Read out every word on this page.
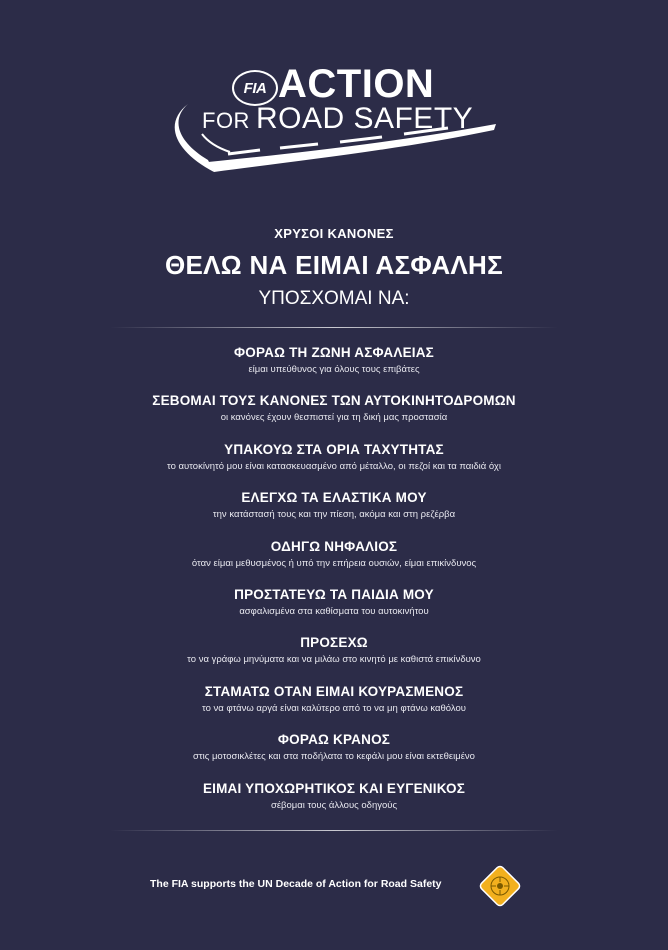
FIA ACTION
FOR ROAD SAFETY
ΧΡΥΣΟΙ ΚΑΝΟΝΕΣ
ΘΕΛΩ ΝΑ ΕΙΜΑΙ ΑΣΦΑΛΗΣ
ΥΠΟΣΧΟΜΑΙ ΝΑ:
ΦΟΡΑΩ ΤΗ ΖΩΝΗ ΑΣΦΑΛΕΙΑΣ
είμαι υπεύθυνος για όλους τους επιβάτες
ΣΕΒΟΜΑΙ ΤΟΥΣ ΚΑΝΟΝΕΣ ΤΩΝ ΑΥΤΟΚΙΝΗΤΟΔΡΟΜΩΝ
οι κανόνες έχουν θεσπιστεί για τη δική μας προστασία
ΥΠΑΚΟΥΩ ΣΤΑ ΟΡΙΑ ΤΑΧΥΤΗΤΑΣ
το αυτοκίνητό μου είναι κατασκευασμένο από μέταλλο, οι πεζοί και τα παιδιά όχι
ΕΛΕΓΧΩ ΤΑ ΕΛΑΣΤΙΚΑ ΜΟΥ
την κατάστασή τους και την πίεση, ακόμα και στη ρεζέρβα
ΟΔΗΓΩ ΝΗΦΑΛΙΟΣ
όταν είμαι μεθυσμένος ή υπό την επήρεια ουσιών, είμαι επικίνδυνος
ΠΡΟΣΤΑΤΕΥΩ ΤΑ ΠΑΙΔΙΑ ΜΟΥ
ασφαλισμένα στα καθίσματα του αυτοκινήτου
ΠΡΟΣΕΧΩ
το να γράφω μηνύματα και να μιλάω στο κινητό με καθιστά επικίνδυνο
ΣΤΑΜΑΤΩ ΟΤΑΝ ΕΙΜΑΙ ΚΟΥΡΑΣΜΕΝΟΣ
το να φτάνω αργά είναι καλύτερο από το να μη φτάνω καθόλου
ΦΟΡΑΩ ΚΡΑΝΟΣ
στις μοτοσικλέτες και στα ποδήλατα το κεφάλι μου είναι εκτεθειμένο
ΕΙΜΑΙ ΥΠΟΧΩΡΗΤΙΚΟΣ ΚΑΙ ΕΥΓΕΝΙΚΟΣ
σέβομαι τους άλλους οδηγούς
The FIA supports the UN Decade of Action for Road Safety
